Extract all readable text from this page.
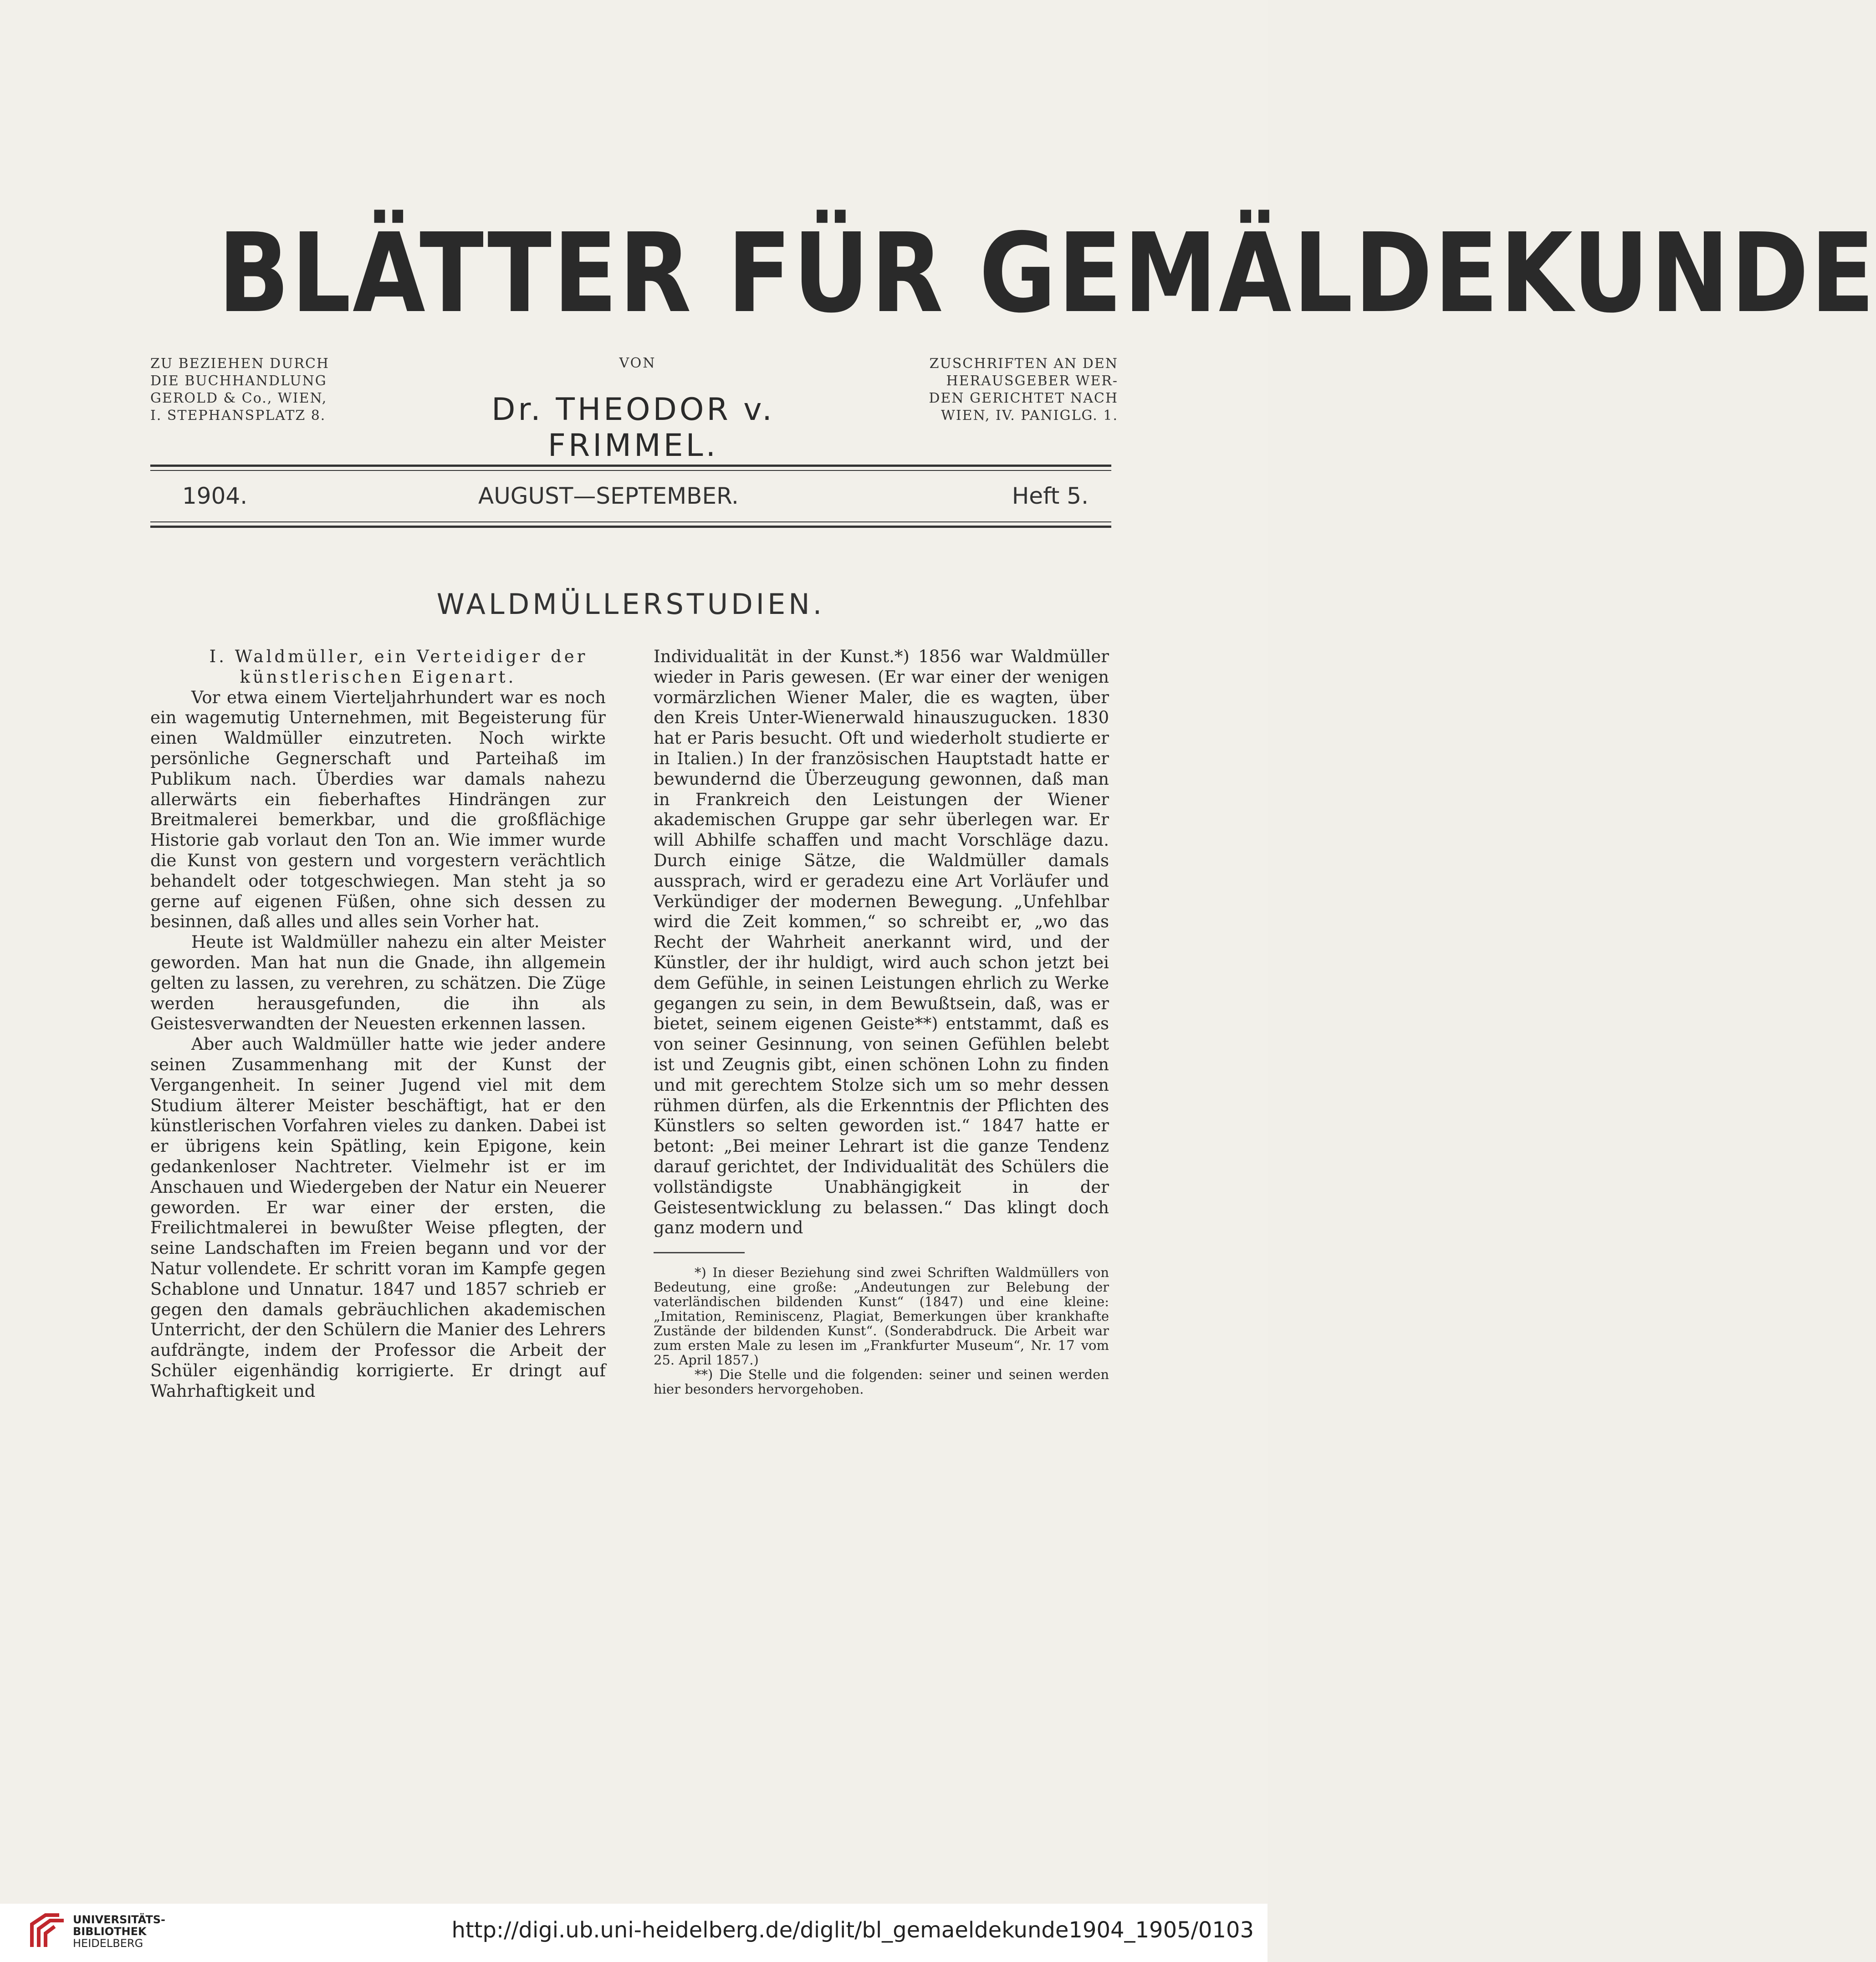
BLÄTTER FÜR GEMÄLDEKUNDE
ZU BEZIEHEN DURCH
DIE BUCHHANDLUNG
GEROLD & Co., WIEN,
I. STEPHANSPLATZ 8.
VON
Dr. THEODOR v. FRIMMEL.
ZUSCHRIFTEN AN DEN
HERAUSGEBER WER-
DEN GERICHTET NACH
WIEN, IV. PANIGLG. 1.
1904.	AUGUST—SEPTEMBER.	Heft 5.
WALDMÜLLERSTUDIEN.

I. Waldmüller, ein Verteidiger der künstlerischen Eigenart.

Vor etwa einem Vierteljahrhundert war es noch ein wagemutig Unternehmen, mit Begeisterung für einen Waldmüller einzutreten. Noch wirkte persönliche Gegnerschaft und Parteihaß im Publikum nach. Überdies war damals nahezu allerwärts ein fieberhaftes Hindrängen zur Breitmalerei bemerkbar, und die großflächige Historie gab vorlaut den Ton an. Wie immer wurde die Kunst von gestern und vorgestern verächtlich behandelt oder totgeschwiegen. Man steht ja so gerne auf eigenen Füßen, ohne sich dessen zu besinnen, daß alles und alles sein Vorher hat.

Heute ist Waldmüller nahezu ein alter Meister geworden. Man hat nun die Gnade, ihn allgemein gelten zu lassen, zu verehren, zu schätzen. Die Züge werden herausgefunden, die ihn als Geistesverwandten der Neuesten erkennen lassen.

Aber auch Waldmüller hatte wie jeder andere seinen Zusammenhang mit der Kunst der Vergangenheit. In seiner Jugend viel mit dem Studium älterer Meister beschäftigt, hat er den künstlerischen Vorfahren vieles zu danken. Dabei ist er übrigens kein Spätling, kein Epigone, kein gedankenloser Nachtreter. Vielmehr ist er im Anschauen und Wiedergeben der Natur ein Neuerer geworden. Er war einer der ersten, die Freilichtmalerei in bewußter Weise pflegten, der seine Landschaften im Freien begann und vor der Natur vollendete. Er schritt voran im Kampfe gegen Schablone und Unnatur. 1847 und 1857 schrieb er gegen den damals gebräuchlichen akademischen Unterricht, der den Schülern die Manier des Lehrers aufdrängte, indem der Professor die Arbeit der Schüler eigenhändig korrigierte. Er dringt auf Wahrhaftigkeit und

Individualität in der Kunst.*) 1856 war Waldmüller wieder in Paris gewesen. (Er war einer der wenigen vormärzlichen Wiener Maler, die es wagten, über den Kreis Unter-Wienerwald hinauszugucken. 1830 hat er Paris besucht. Oft und wiederholt studierte er in Italien.) In der französischen Hauptstadt hatte er bewundernd die Überzeugung gewonnen, daß man in Frankreich den Leistungen der Wiener akademischen Gruppe gar sehr überlegen war. Er will Abhilfe schaffen und macht Vorschläge dazu. Durch einige Sätze, die Waldmüller damals aussprach, wird er geradezu eine Art Vorläufer und Verkündiger der modernen Bewegung. „Unfehlbar wird die Zeit kommen,“ so schreibt er, „wo das Recht der Wahrheit anerkannt wird, und der Künstler, der ihr huldigt, wird auch schon jetzt bei dem Gefühle, in seinen Leistungen ehrlich zu Werke gegangen zu sein, in dem Bewußtsein, daß, was er bietet, seinem eigenen Geiste**) entstammt, daß es von seiner Gesinnung, von seinen Gefühlen belebt ist und Zeugnis gibt, einen schönen Lohn zu finden und mit gerechtem Stolze sich um so mehr dessen rühmen dürfen, als die Erkenntnis der Pflichten des Künstlers so selten geworden ist.“ 1847 hatte er betont: „Bei meiner Lehrart ist die ganze Tendenz darauf gerichtet, der Individualität des Schülers die vollständigste Unabhängigkeit in der Geistesentwicklung zu belassen.“ Das klingt doch ganz modern und

*) In dieser Beziehung sind zwei Schriften Waldmüllers von Bedeutung, eine große: „Andeutungen zur Belebung der vaterländischen bildenden Kunst“ (1847) und eine kleine: „Imitation, Reminiscenz, Plagiat, Bemerkungen über krankhafte Zustände der bildenden Kunst“. (Sonderabdruck. Die Arbeit war zum ersten Male zu lesen im „Frankfurter Museum“, Nr. 17 vom 25. April 1857.)

**) Die Stelle und die folgenden: seiner und seinen werden hier besonders hervorgehoben.

UNIVERSITÄTS-
BIBLIOTHEK
HEIDELBERG
http://digi.ub.uni-heidelberg.de/diglit/bl_gemaeldekunde1904_1905/0103
